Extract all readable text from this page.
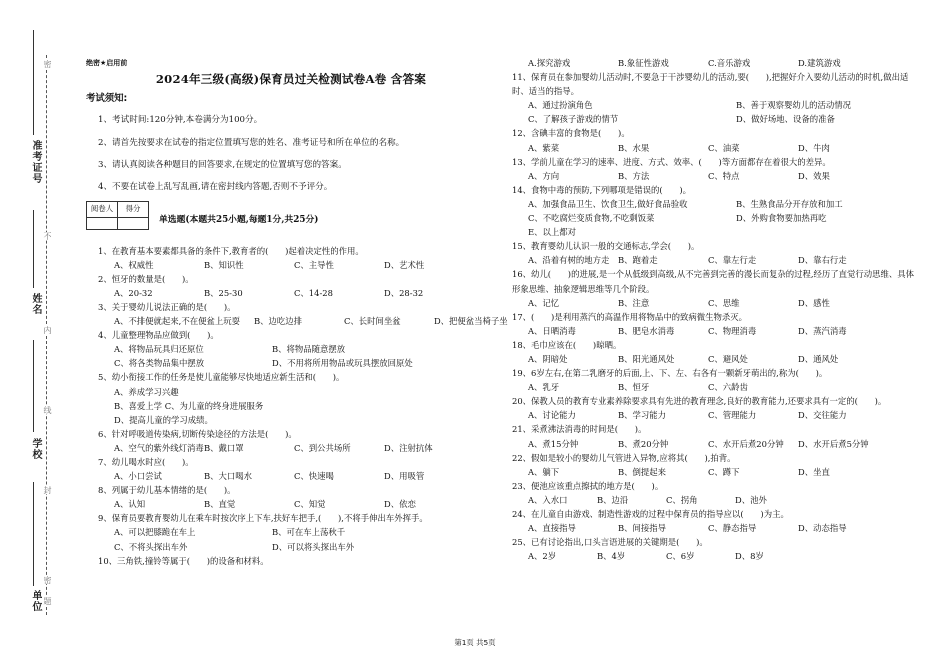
准考证号
姓名
学校
单位
密
不
内
线
封
密
题
绝密★启用前
2024年三级(高级)保育员过关检测试卷A卷 含答案
考试须知:
1、考试时间:120分钟,本卷满分为100分。
2、请首先按要求在试卷的指定位置填写您的姓名、准考证号和所在单位的名称。
3、请认真阅读各种题目的回答要求,在规定的位置填写您的答案。
4、不要在试卷上乱写乱画,请在密封线内答题,否则不予评分。
阅卷人	得分

单选题(本题共25小题,每题1分,共25分)
1、在教育基本要素都具备的条件下,教育者的(　　)起着决定性的作用。
A、权威性	B、知识性	C、主导性	D、艺术性
2、恒牙的数量是(　　)。
A、20-32	B、25-30	C、14-28	D、28-32
3、关于婴幼儿说法正确的是(　　)。
A、不排便就起来,不在便盆上玩耍 B、边吃边排	C、长时间坐盆	D、把便盆当椅子坐
4、儿童整理物品应做到(　　)。
A、将物品玩具归还原位	B、将物品随意摆放
C、将各类物品集中摆放	D、不用将所用物品或玩具摆放回原处
5、幼小衔接工作的任务是使儿童能够尽快地适应新生活和(　　)。
A、养成学习兴趣
B、喜爱上学 C、为儿童的终身进展服务
D、提高儿童的学习成绩。
6、针对呼吸道传染病,切断传染途径的方法是(　　)。
A、空气的紫外线灯消毒B、戴口罩	C、到公共场所	D、注射抗体
7、幼儿喝水时应(　　)。
A、小口尝试	B、大口喝水	C、快速喝	D、用吸管
8、列属于幼儿基本情绪的是(　　)。
A、认知	B、直觉	C、知觉	D、依恋
9、保育员要教育婴幼儿在乘车时按次序上下车,扶好车把手,(　　),不将手伸出车外挥手。
A、可以把膝跪在车上	B、可在车上荡秋千
C、不将头探出车外	D、可以将头探出车外
10、三角铁,撞铃等属于(　　)的设备和材料。
A.探究游戏	B.象征性游戏	C.音乐游戏	D.建筑游戏
11、保育员在参加婴幼儿活动时,不要急于干涉婴幼儿的活动,要(　　),把握好介入要幼儿活动的时机,做出适时、适当的指导。
A、通过扮演角色	B、善于观察婴幼儿的活动情况
C、了解孩子游戏的情节	D、做好场地、设备的准备
12、含碘丰富的食物是(　　)。
A、紫菜	B、水果	C、油菜	D、牛肉
13、学前儿童在学习的速率、进度、方式、效率、(　　)等方面都存在着很大的差异。
A、方向	B、方法	C、特点	D、效果
14、食物中毒的预防,下列哪项是错误的(　　)。
A、加强食品卫生、饮食卫生,做好食品验收	B、生熟食品分开存放和加工
C、不吃腐烂变质食物,不吃剩饭菜	D、外购食物要加热再吃
E、以上都对
15、教育婴幼儿认识一般的交通标志,学会(　　)。
A、沿着有树的地方走 B、跑着走	C、靠左行走	D、靠右行走
16、幼儿(　　)的进展,是一个从低级到高级,从不完善到完善的漫长而复杂的过程,经历了直觉行动思维、具体形象思维、抽象逻辑思维等几个阶段。
A、记忆	B、注意	C、思维	D、感性
17、(　　)是利用蒸汽的高温作用将物品中的致病微生物杀灭。
A、日晒消毒	B、肥皂水消毒	C、物理消毒	D、蒸汽消毒
18、毛巾应该在(　　)晾晒。
A、阴暗处	B、阳光通风处	C、避风处	D、通风处
19、6岁左右,在第二乳磨牙的后面,上、下、左、右各有一颗新牙萌出的,称为(　　)。
A、乳牙	B、恒牙	C、六龄齿
20、保教人员的教育专业素养除要求具有先进的教育理念,良好的教育能力,还要求具有一定的(　　)。
A、讨论能力	B、学习能力	C、管理能力	D、交往能力
21、采煮沸法消毒的时间是(　　)。
A、煮15分钟	B、煮20分钟	C、水开后煮20分钟 D、水开后煮5分钟
22、假如是较小的婴幼儿气管进入异物,应将其(　　),拍背。
A、躺下	B、倒提起来	C、蹲下	D、坐直
23、便池应该重点擦拭的地方是(　　)。
A、入水口	B、边沿	C、拐角	D、池外
24、在儿童自由游戏、制造性游戏的过程中保育员的指导应以(　　)为主。
A、直接指导	B、间接指导	C、静态指导	D、动态指导
25、已有讨论指出,口头言语进展的关键期是(　　)。
A、2岁	B、4岁	C、6岁	D、8岁
第1页 共5页
